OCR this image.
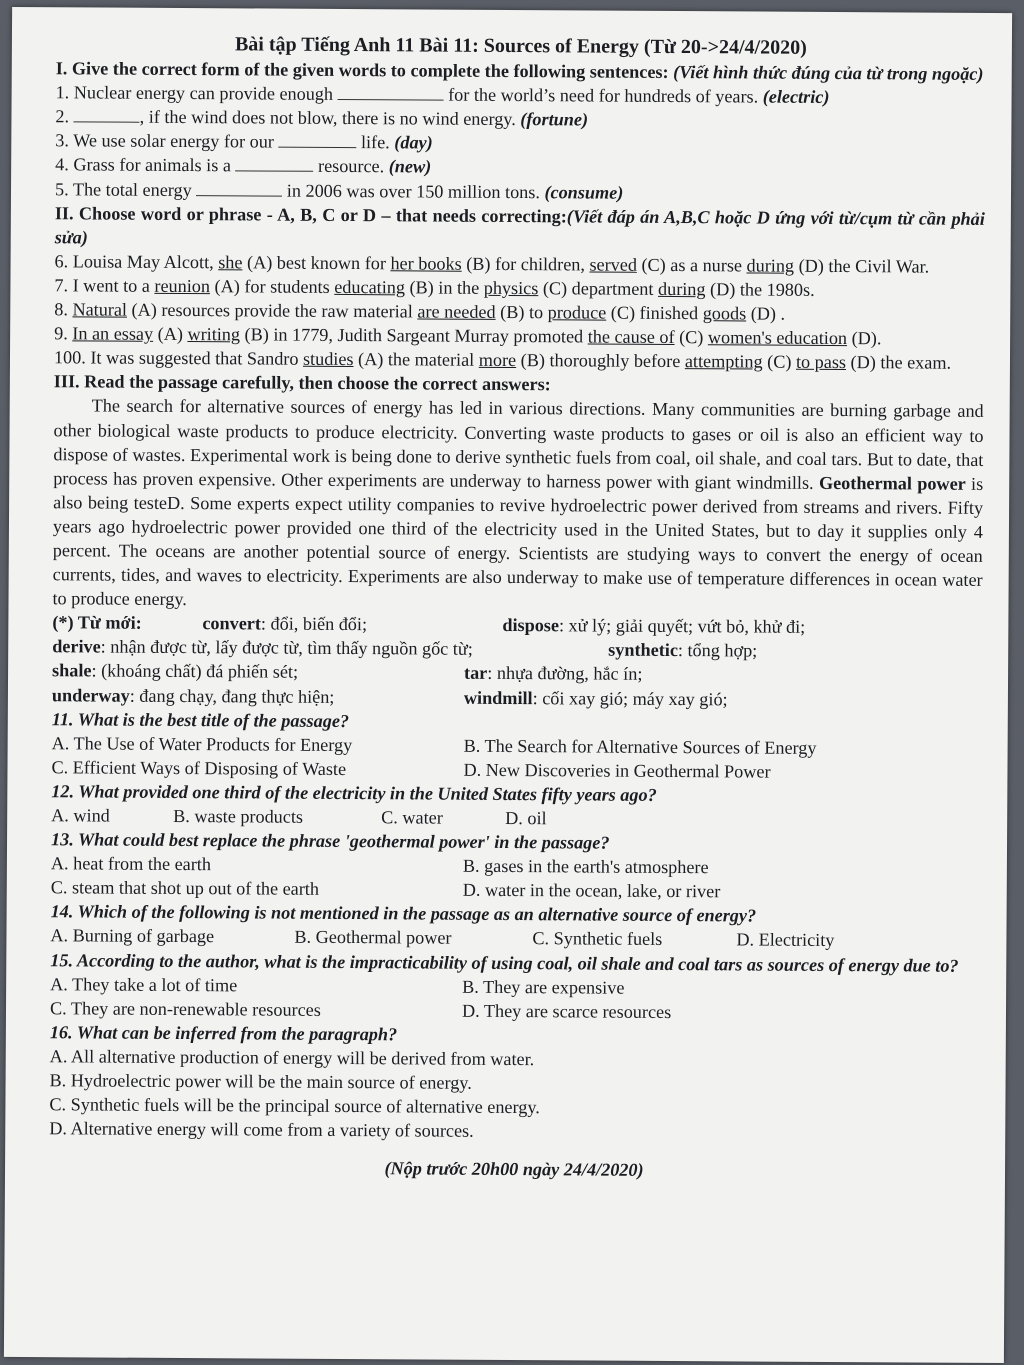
Bài tập Tiếng Anh 11 Bài 11: Sources of Energy (Từ 20->24/4/2020)
I. Give the correct form of the given words to complete the following sentences: (Viết hình thức đúng của từ trong ngoặc)
1. Nuclear energy can provide enough	for the world’s need for hundreds of years. (electric)
2.	, if the wind does not blow, there is no wind energy. (fortune)
3. We use solar energy for our	life. (day)
4. Grass for animals is a	resource. (new)
5. The total energy	in 2006 was over 150 million tons. (consume)
II. Choose word or phrase - A, B, C or D – that needs correcting:(Viết đáp án A,B,C hoặc D ứng với từ/cụm từ cần phải sửa)
6. Louisa May Alcott, she (A) best known for her books (B) for children, served (C) as a nurse during (D) the Civil War.
7. I went to a reunion (A) for students educating (B) in the physics (C) department during (D) the 1980s.
8. Natural (A) resources provide the raw material are needed (B) to produce (C) finished goods (D) .
9. In an essay (A) writing (B) in 1779, Judith Sargeant Murray promoted the cause of (C) women's education (D).
100. It was suggested that Sandro studies (A) the material more (B) thoroughly before attempting (C) to pass (D) the exam.
III. Read the passage carefully, then choose the correct answers:
The search for alternative sources of energy has led in various directions. Many communities are burning garbage and other biological waste products to produce electricity. Converting waste products to gases or oil is also an efficient way to dispose of wastes. Experimental work is being done to derive synthetic fuels from coal, oil shale, and coal tars. But to date, that process has proven expensive. Other experiments are underway to harness power with giant windmills. Geothermal power is also being testeD. Some experts expect utility companies to revive hydroelectric power derived from streams and rivers. Fifty years ago hydroelectric power provided one third of the electricity used in the United States, but to day it supplies only 4 percent. The oceans are another potential source of energy. Scientists are studying ways to convert the energy of ocean currents, tides, and waves to electricity. Experiments are also underway to make use of temperature differences in ocean water to produce energy.
(*) Từ mới:	convert: đổi, biến đổi;	dispose: xử lý; giải quyết; vứt bỏ, khử đi;
derive: nhận được từ, lấy được từ, tìm thấy nguồn gốc từ;	synthetic: tổng hợp;
shale: (khoáng chất) đá phiến sét;	tar: nhựa đường, hắc ín;
underway: đang chạy, đang thực hiện;	windmill: cối xay gió; máy xay gió;
11. What is the best title of the passage?
A. The Use of Water Products for Energy	B. The Search for Alternative Sources of Energy
C. Efficient Ways of Disposing of Waste	D. New Discoveries in Geothermal Power
12. What provided one third of the electricity in the United States fifty years ago?
A. wind	B. waste products	C. water	D. oil
13. What could best replace the phrase 'geothermal power' in the passage?
A. heat from the earth	B. gases in the earth's atmosphere
C. steam that shot up out of the earth	D. water in the ocean, lake, or river
14. Which of the following is not mentioned in the passage as an alternative source of energy?
A. Burning of garbage	B. Geothermal power	C. Synthetic fuels	D. Electricity
15. According to the author, what is the impracticability of using coal, oil shale and coal tars as sources of energy due to?
A. They take a lot of time	B. They are expensive
C. They are non-renewable resources	D. They are scarce resources
16. What can be inferred from the paragraph?
A. All alternative production of energy will be derived from water.
B. Hydroelectric power will be the main source of energy.
C. Synthetic fuels will be the principal source of alternative energy.
D. Alternative energy will come from a variety of sources.
(Nộp trước 20h00 ngày 24/4/2020)
